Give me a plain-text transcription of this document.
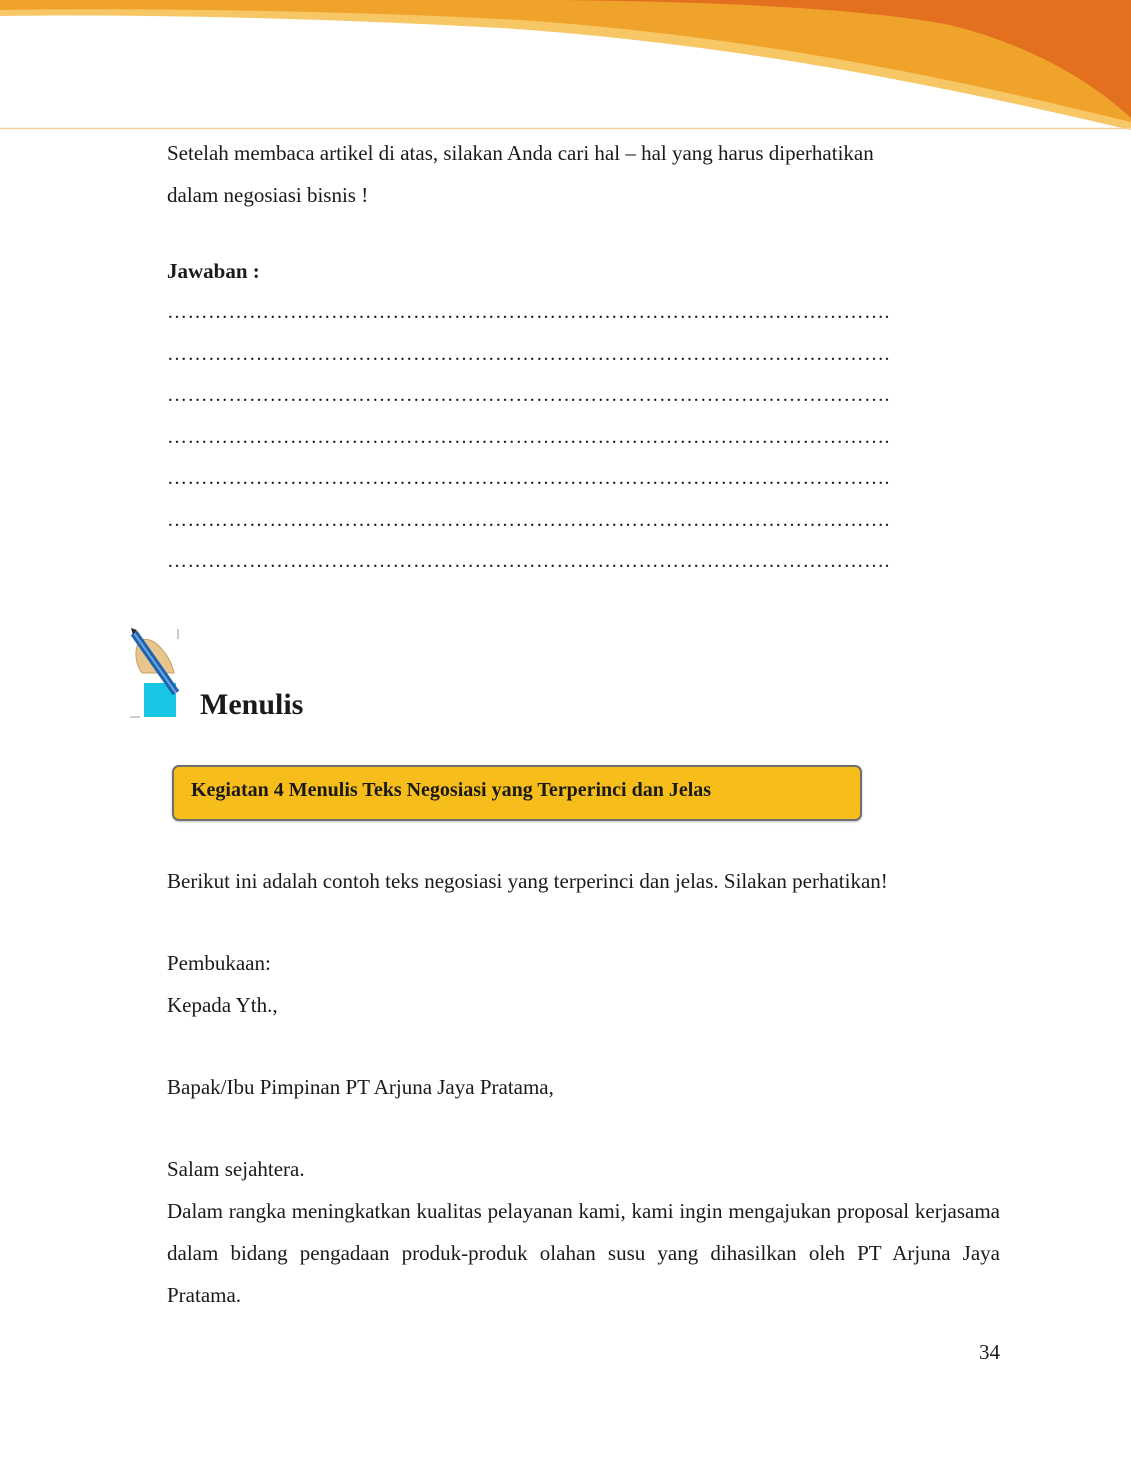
Setelah membaca artikel di atas, silakan Anda cari hal – hal yang harus diperhatikan

dalam negosiasi bisnis !

Jawaban :

…………………………………………………………………………………………….

…………………………………………………………………………………………….

…………………………………………………………………………………………….

…………………………………………………………………………………………….

…………………………………………………………………………………………….

…………………………………………………………………………………………….

…………………………………………………………………………………………….

Menulis

Kegiatan 4 Menulis Teks Negosiasi yang Terperinci dan Jelas

Berikut ini adalah contoh teks negosiasi yang terperinci dan jelas. Silakan perhatikan!

Pembukaan:

Kepada Yth.,

Bapak/Ibu Pimpinan PT Arjuna Jaya Pratama,

Salam sejahtera.

Dalam rangka meningkatkan kualitas pelayanan kami, kami ingin mengajukan proposal kerjasama dalam bidang pengadaan produk-produk olahan susu yang dihasilkan oleh PT Arjuna Jaya Pratama.

34
